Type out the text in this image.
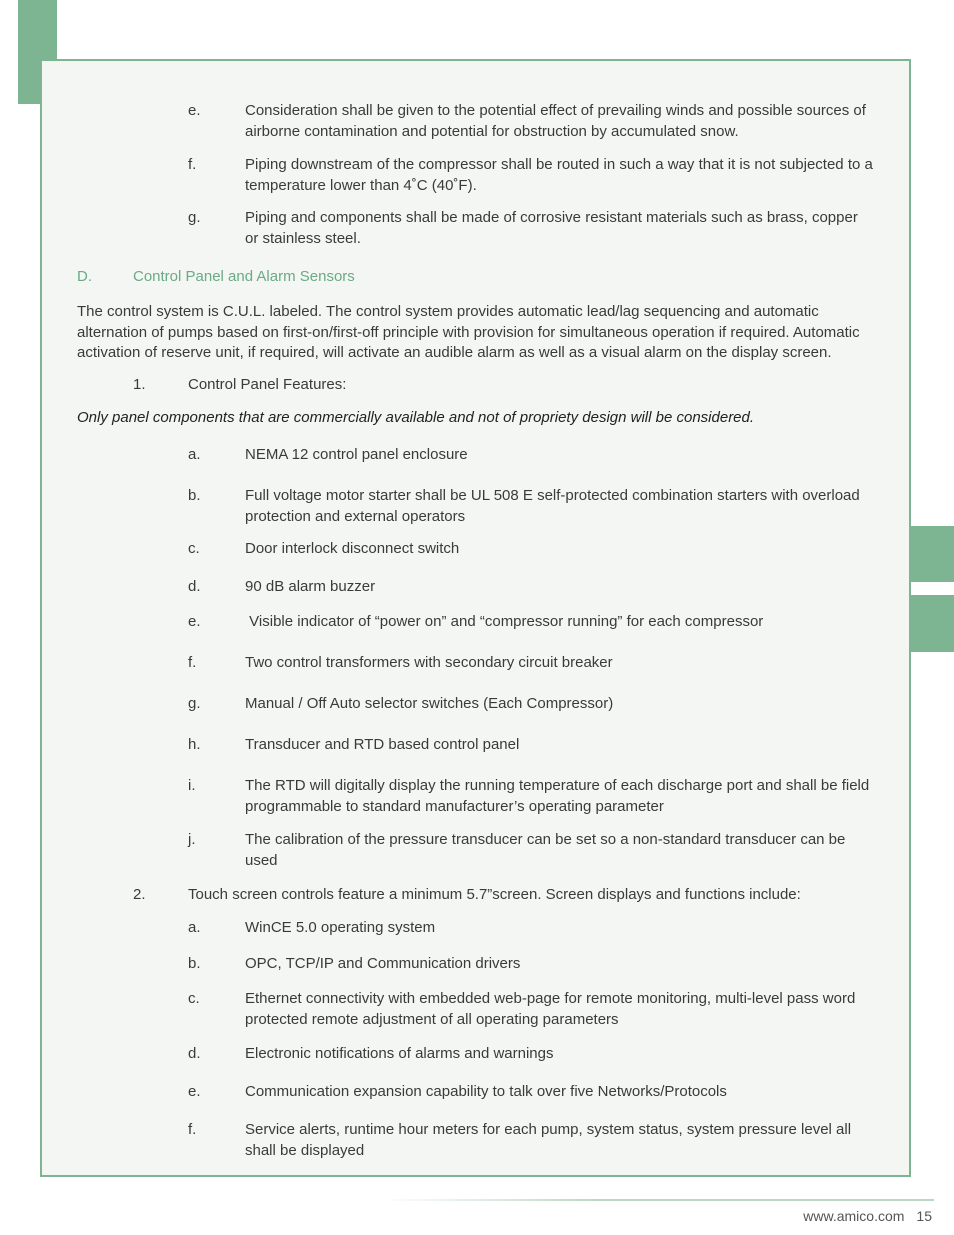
e.	Consideration shall be given to the potential effect of prevailing winds and possible sources of airborne contamination and potential for obstruction by accumulated snow.
f.	Piping downstream of the compressor shall be routed in such a way that it is not subjected to a temperature lower than 4˚C (40˚F).
g.	Piping and components shall be made of corrosive resistant materials such as brass, copper or stainless steel.
D.	Control Panel and Alarm Sensors
The control system is C.U.L. labeled. The control system provides automatic lead/lag sequencing and automatic alternation of pumps based on first-on/first-off principle with provision for simultaneous operation if required. Automatic activation of reserve unit, if required, will activate an audible alarm as well as a visual alarm on the display screen.
1.	Control Panel Features:
Only panel components that are commercially available and not of propriety design will be considered.
a.	NEMA 12 control panel enclosure
b.	Full voltage motor starter shall be UL 508 E self-protected combination starters with overload protection and external operators
c.	Door interlock disconnect switch
d.	90 dB alarm buzzer
e.	Visible indicator of “power on” and “compressor running” for each compressor
f.	Two control transformers with secondary circuit breaker
g.	Manual / Off Auto selector switches (Each Compressor)
h.	Transducer and RTD based control panel
i.	The RTD will digitally display the running temperature of each discharge port and shall be field programmable to standard manufacturer’s operating parameter
j.	The calibration of the pressure transducer can be set so a non-standard transducer can be used
2.	Touch screen controls feature a minimum 5.7”screen. Screen displays and functions include:
a.	WinCE 5.0 operating system
b.	OPC, TCP/IP and Communication drivers
c.	Ethernet connectivity with embedded web-page for remote monitoring, multi-level pass word protected remote adjustment of all operating parameters
d.	Electronic notifications of alarms and warnings
e.	Communication expansion capability to talk over five Networks/Protocols
f.	Service alerts, runtime hour meters for each pump, system status, system pressure level all shall be displayed
www.amico.com 15
